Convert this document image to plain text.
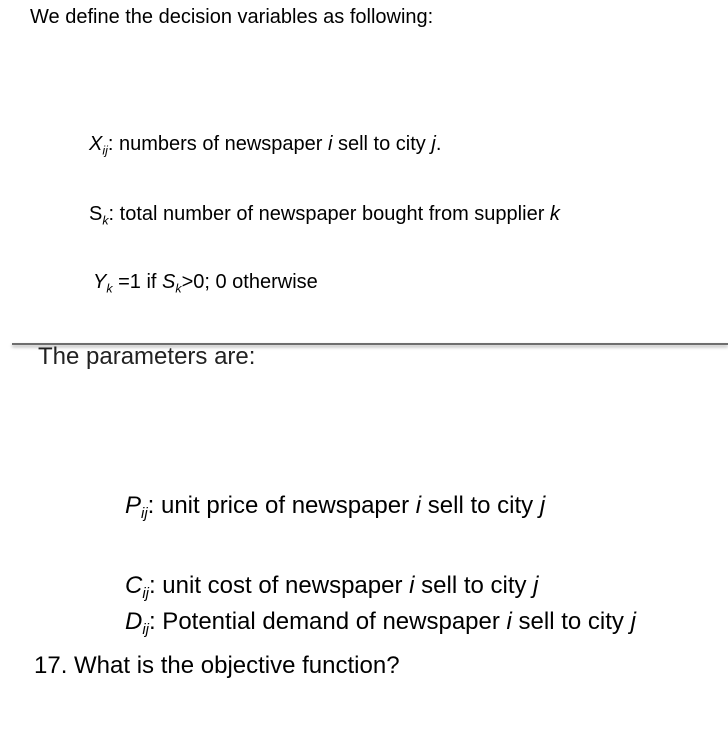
We define the decision variables as following:
$X_{ij}$: numbers of newspaper i sell to city j.
$S_k$: total number of newspaper bought from supplier k
$Y_k =1$ if $S_k>0$; 0 otherwise
The parameters are:
$P_{ij}$: unit price of newspaper i sell to city j
$C_{ij}$: unit cost of newspaper i sell to city j
$D_{ij}$: Potential demand of newspaper i sell to city j
17. What is the objective function?
